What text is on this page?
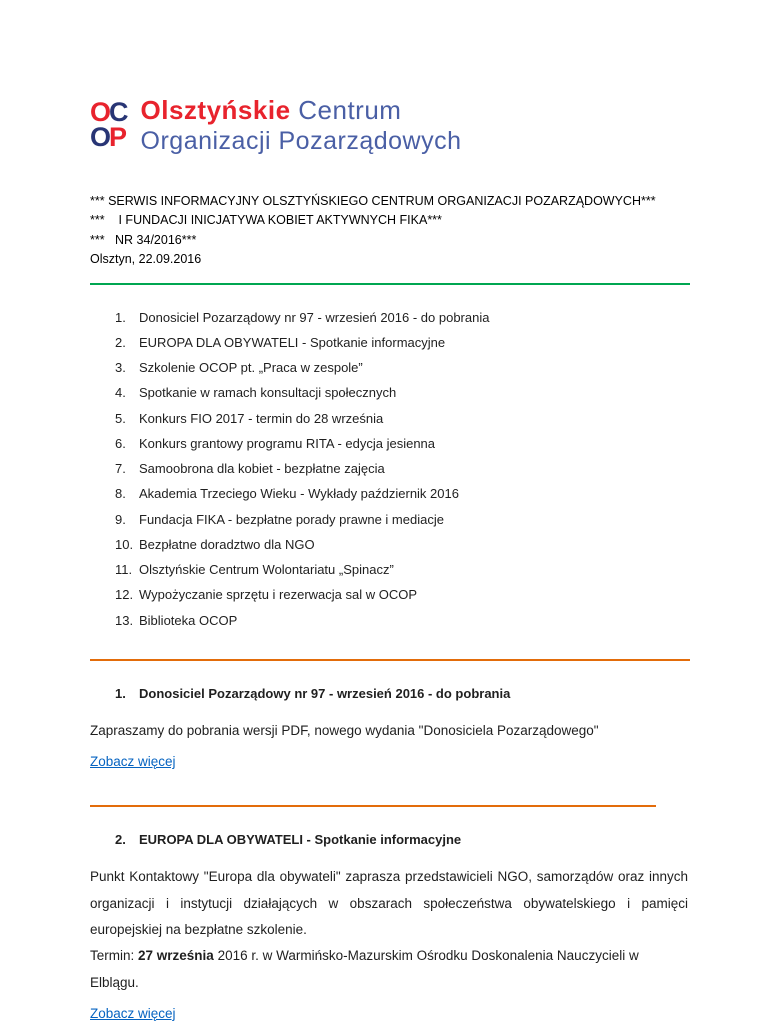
OC
OP
Olsztyńskie Centrum
Organizacji Pozarządowych

*** SERWIS INFORMACYJNY OLSZTYŃSKIEGO CENTRUM ORGANIZACJI POZARZĄDOWYCH***

***    I FUNDACJI INICJATYWA KOBIET AKTYWNYCH FIKA***

***   NR 34/2016***

Olsztyn, 22.09.2016

1.	Donosiciel Pozarządowy nr 97 - wrzesień 2016 - do pobrania
2.	EUROPA DLA OBYWATELI - Spotkanie informacyjne
3.	Szkolenie OCOP pt. „Praca w zespole”
4.	Spotkanie w ramach konsultacji społecznych
5.	Konkurs FIO 2017 - termin do 28 września
6.	Konkurs grantowy programu RITA - edycja jesienna
7.	Samoobrona dla kobiet - bezpłatne zajęcia
8.	Akademia Trzeciego Wieku - Wykłady październik 2016
9.	Fundacja FIKA - bezpłatne porady prawne i mediacje
10. Bezpłatne doradztwo dla NGO
11. Olsztyńskie Centrum Wolontariatu „Spinacz”
12. Wypożyczanie sprzętu i rezerwacja sal w OCOP
13. Biblioteka OCOP
1.	Donosiciel Pozarządowy nr 97 - wrzesień 2016 - do pobrania

Zapraszamy do pobrania wersji PDF, nowego wydania "Donosiciela Pozarządowego"

Zobacz więcej
2.	EUROPA DLA OBYWATELI - Spotkanie informacyjne

Punkt Kontaktowy "Europa dla obywateli" zaprasza przedstawicieli NGO, samorządów oraz innych organizacji i instytucji działających w obszarach społeczeństwa obywatelskiego i pamięci europejskiej na bezpłatne szkolenie.

Termin: 27 września 2016 r. w Warmińsko-Mazurskim Ośrodku Doskonalenia Nauczycieli w Elblągu.

Zobacz więcej
